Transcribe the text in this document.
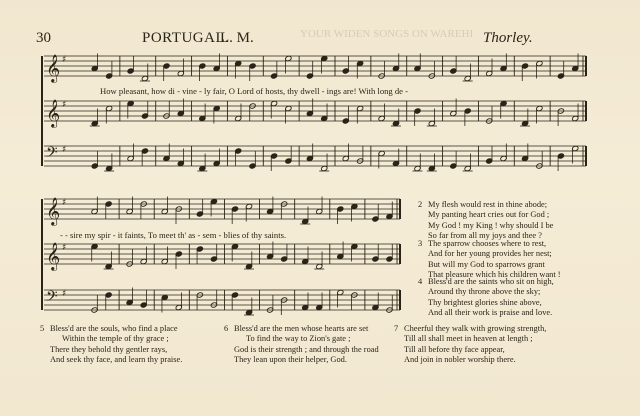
YOUR WIDEN SONGS ON WAREHI
30	PORTUGAL.
L. M.	Thorley.
𝄞 ♯
𝄞 ♯
𝄢 ♯
𝄞 ♯
𝄞 ♯
𝄢 ♯
How pleasant, how di - vine - ly fair, O Lord of hosts, thy dwell - ings are! With long de -
- - sire my spir - it faints, To meet th' as - sem - blies of thy saints.
2 My flesh would rest in thine abode;
My panting heart cries out for God ;
My God ! my King ! why should I be
So far from all my joys and thee ?
3 The sparrow chooses where to rest,
And for her young provides her nest;
But will my God to sparrows grant
That pleasure which his children want !
4 Bless'd are the saints who sit on high,
Around thy throne above the sky;
Thy brightest glories shine above,
And all their work is praise and love.
5 Bless'd are the souls, who find a place
Within the temple of thy grace ;
There they behold thy gentler rays,
And seek thy face, and learn thy praise.
6 Bless'd are the men whose hearts are set
To find the way to Zion's gate ;
God is their strength ; and through the road
They lean upon their helper, God.
7 Cheerful they walk with growing strength,
Till all shall meet in heaven at length ;
Till all before thy face appear,
And join in nobler worship there.
